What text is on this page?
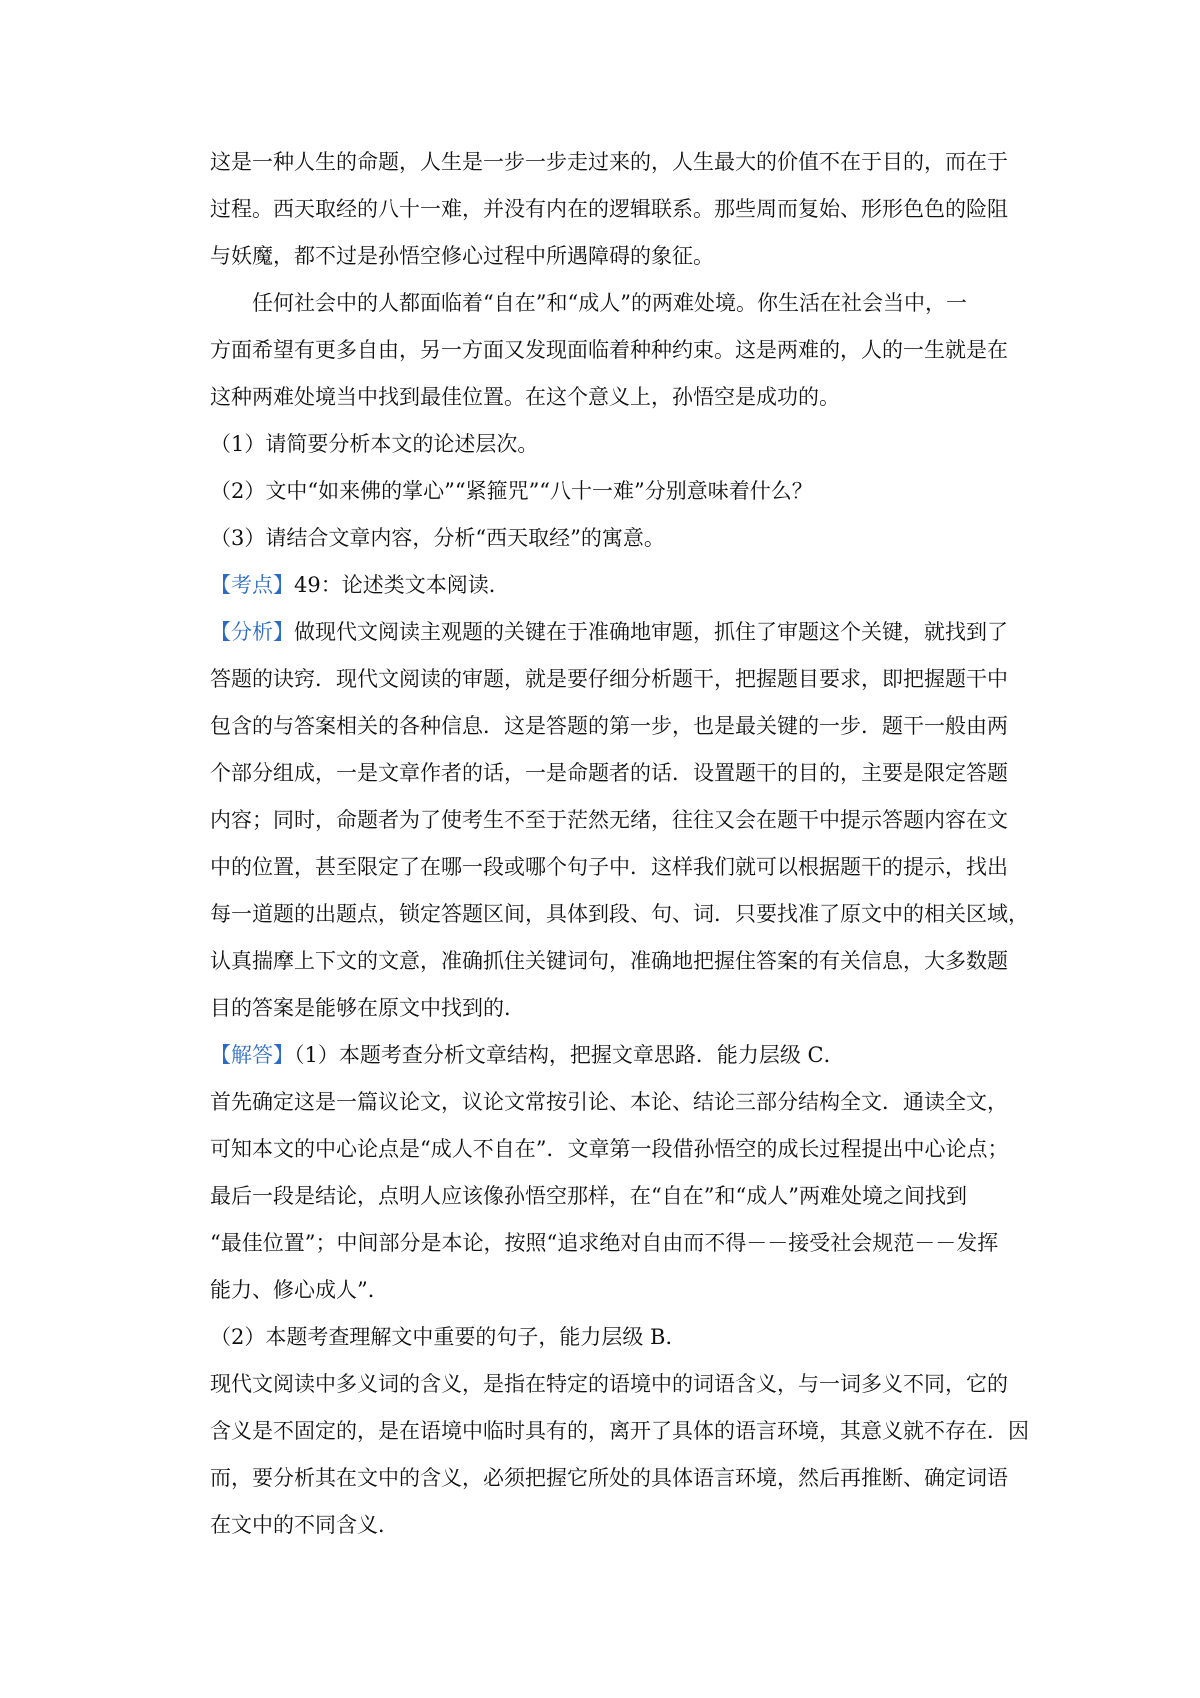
这是一种人生的命题，人生是一步一步走过来的，人生最大的价值不在于目的，而在于
过程。西天取经的八十一难，并没有内在的逻辑联系。那些周而复始、形形色色的险阻
与妖魔，都不过是孙悟空修心过程中所遇障碍的象征。
任何社会中的人都面临着“自在”和“成人”的两难处境。你生活在社会当中，一
方面希望有更多自由，另一方面又发现面临着种种约束。这是两难的，人的一生就是在
这种两难处境当中找到最佳位置。在这个意义上，孙悟空是成功的。
（1）请简要分析本文的论述层次。
（2）文中“如来佛的掌心”“紧箍咒”“八十一难”分别意味着什么？
（3）请结合文章内容，分析“西天取经”的寓意。
【考点】49：论述类文本阅读．
【分析】做现代文阅读主观题的关键在于准确地审题，抓住了审题这个关键，就找到了
答题的诀窍．现代文阅读的审题，就是要仔细分析题干，把握题目要求，即把握题干中
包含的与答案相关的各种信息．这是答题的第一步，也是最关键的一步．题干一般由两
个部分组成，一是文章作者的话，一是命题者的话．设置题干的目的，主要是限定答题
内容；同时，命题者为了使考生不至于茫然无绪，往往又会在题干中提示答题内容在文
中的位置，甚至限定了在哪一段或哪个句子中．这样我们就可以根据题干的提示，找出
每一道题的出题点，锁定答题区间，具体到段、句、词．只要找准了原文中的相关区域，
认真揣摩上下文的文意，准确抓住关键词句，准确地把握住答案的有关信息，大多数题
目的答案是能够在原文中找到的．
【解答】（1）本题考查分析文章结构，把握文章思路．能力层级 C．
首先确定这是一篇议论文，议论文常按引论、本论、结论三部分结构全文．通读全文，
可知本文的中心论点是“成人不自在”．文章第一段借孙悟空的成长过程提出中心论点；
最后一段是结论，点明人应该像孙悟空那样，在“自在”和“成人”两难处境之间找到
“最佳位置”；中间部分是本论，按照“追求绝对自由而不得－－接受社会规范－－发挥
能力、修心成人”．
（2）本题考查理解文中重要的句子，能力层级 B．
现代文阅读中多义词的含义，是指在特定的语境中的词语含义，与一词多义不同，它的
含义是不固定的，是在语境中临时具有的，离开了具体的语言环境，其意义就不存在．因
而，要分析其在文中的含义，必须把握它所处的具体语言环境，然后再推断、确定词语
在文中的不同含义．
